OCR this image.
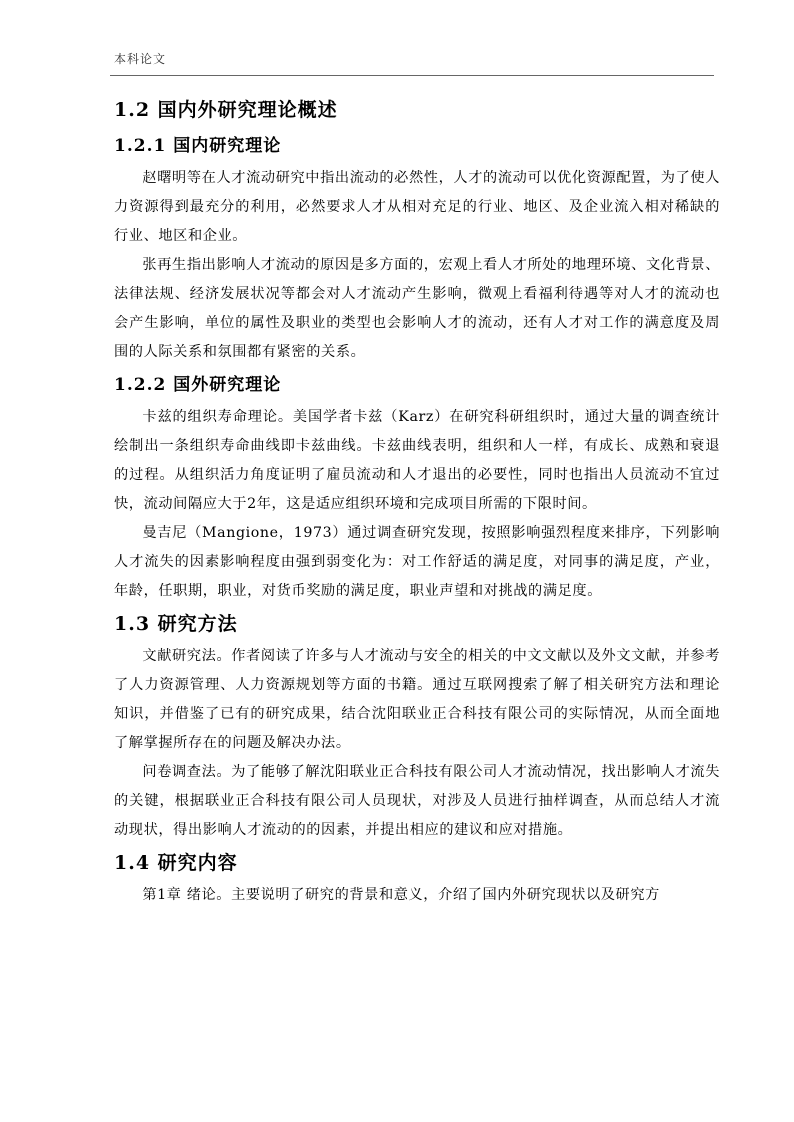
本科论文
1.2 国内外研究理论概述
1.2.1 国内研究理论

赵曙明等在人才流动研究中指出流动的必然性，人才的流动可以优化资源配置，为了使人力资源得到最充分的利用，必然要求人才从相对充足的行业、地区、及企业流入相对稀缺的行业、地区和企业。

张再生指出影响人才流动的原因是多方面的，宏观上看人才所处的地理环境、文化背景、法律法规、经济发展状况等都会对人才流动产生影响，微观上看福利待遇等对人才的流动也会产生影响，单位的属性及职业的类型也会影响人才的流动，还有人才对工作的满意度及周围的人际关系和氛围都有紧密的关系。

1.2.2 国外研究理论

卡兹的组织寿命理论。美国学者卡兹（Karz）在研究科研组织时，通过大量的调查统计绘制出一条组织寿命曲线即卡兹曲线。卡兹曲线表明，组织和人一样，有成长、成熟和衰退的过程。从组织活力角度证明了雇员流动和人才退出的必要性，同时也指出人员流动不宜过快，流动间隔应大于2年，这是适应组织环境和完成项目所需的下限时间。

曼吉尼（Mangione，1973）通过调查研究发现，按照影响强烈程度来排序，下列影响人才流失的因素影响程度由强到弱变化为：对工作舒适的满足度，对同事的满足度，产业，年龄，任职期，职业，对货币奖励的满足度，职业声望和对挑战的满足度。

1.3 研究方法

文献研究法。作者阅读了许多与人才流动与安全的相关的中文文献以及外文文献，并参考了人力资源管理、人力资源规划等方面的书籍。通过互联网搜索了解了相关研究方法和理论知识，并借鉴了已有的研究成果，结合沈阳联业正合科技有限公司的实际情况，从而全面地了解掌握所存在的问题及解决办法。

问卷调查法。为了能够了解沈阳联业正合科技有限公司人才流动情况，找出影响人才流失的关键，根据联业正合科技有限公司人员现状，对涉及人员进行抽样调查，从而总结人才流动现状，得出影响人才流动的的因素，并提出相应的建议和应对措施。

1.4 研究内容

第1章 绪论。主要说明了研究的背景和意义，介绍了国内外研究现状以及研究方
